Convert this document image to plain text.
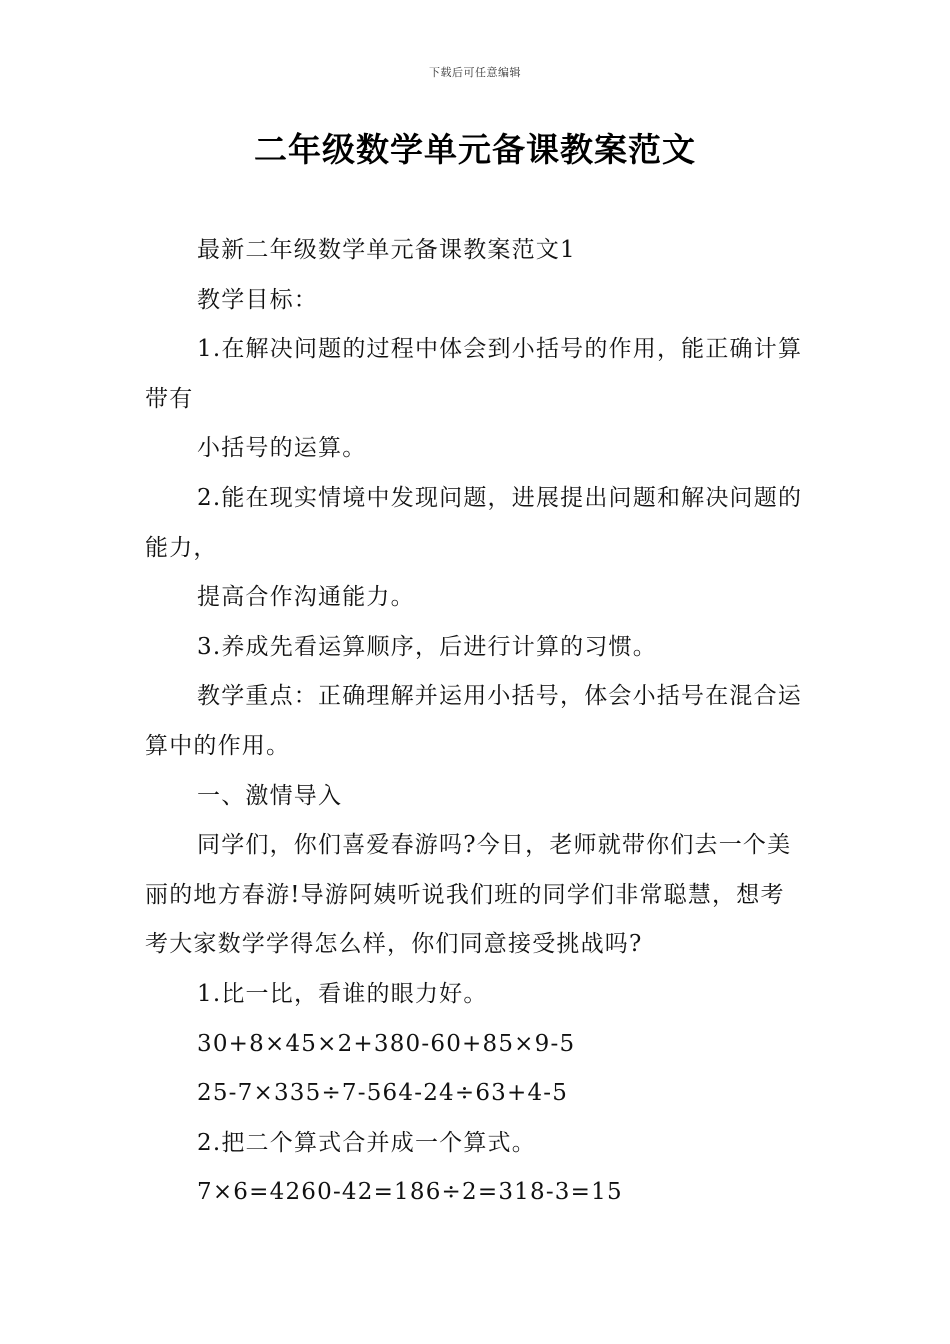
下载后可任意编辑
二年级数学单元备课教案范文

最新二年级数学单元备课教案范文1

教学目标：

1.在解决问题的过程中体会到小括号的作用，能正确计算带有

小括号的运算。

2.能在现实情境中发现问题，进展提出问题和解决问题的能力，

提高合作沟通能力。

3.养成先看运算顺序，后进行计算的习惯。

教学重点：正确理解并运用小括号，体会小括号在混合运算中的作用。

一、激情导入

同学们，你们喜爱春游吗?今日，老师就带你们去一个美丽的地方春游!导游阿姨听说我们班的同学们非常聪慧，想考考大家数学学得怎么样，你们同意接受挑战吗?

1.比一比，看谁的眼力好。

30+8×45×2+380-60+85×9-5

25-7×335÷7-564-24÷63+4-5

2.把二个算式合并成一个算式。

7×6=4260-42=186÷2=318-3=15
